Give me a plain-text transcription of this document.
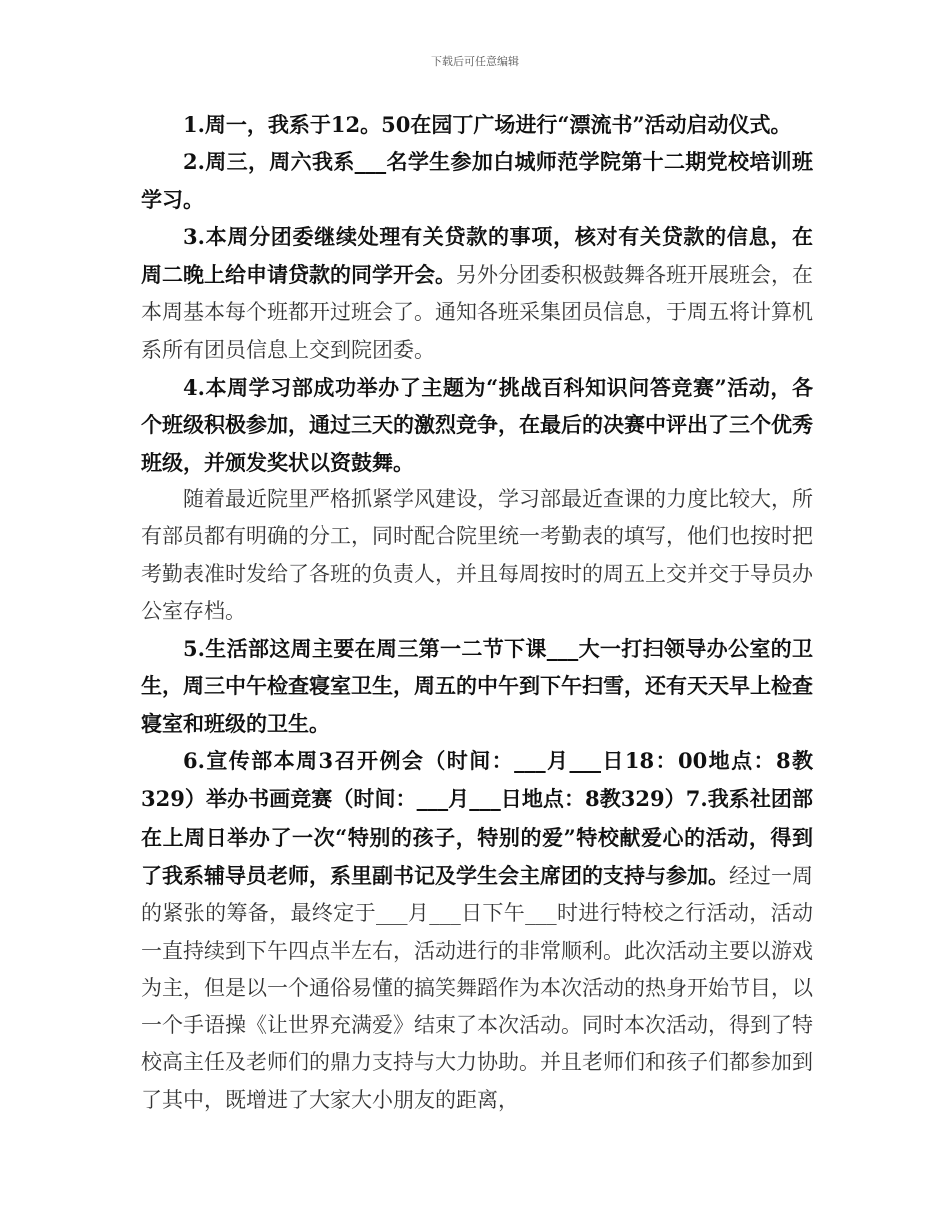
下载后可任意编辑

1.周一，我系于12。50在园丁广场进行“漂流书”活动启动仪式。

2.周三，周六我系___名学生参加白城师范学院第十二期党校培训班学习。

3.本周分团委继续处理有关贷款的事项，核对有关贷款的信息，在周二晚上给申请贷款的同学开会。另外分团委积极鼓舞各班开展班会，在本周基本每个班都开过班会了。通知各班采集团员信息，于周五将计算机系所有团员信息上交到院团委。

4.本周学习部成功举办了主题为“挑战百科知识问答竞赛”活动，各个班级积极参加，通过三天的激烈竞争，在最后的决赛中评出了三个优秀班级，并颁发奖状以资鼓舞。

随着最近院里严格抓紧学风建设，学习部最近查课的力度比较大，所有部员都有明确的分工，同时配合院里统一考勤表的填写，他们也按时把考勤表准时发给了各班的负责人，并且每周按时的周五上交并交于导员办公室存档。

5.生活部这周主要在周三第一二节下课___大一打扫领导办公室的卫生，周三中午检查寝室卫生，周五的中午到下午扫雪，还有天天早上检查寝室和班级的卫生。

6.宣传部本周3召开例会（时间：___月___日18：00地点：8教329）举办书画竞赛（时间：___月___日地点：8教329）7.我系社团部在上周日举办了一次“特别的孩子，特别的爱”特校献爱心的活动，得到了我系辅导员老师，系里副书记及学生会主席团的支持与参加。经过一周的紧张的筹备，最终定于___月___日下午___时进行特校之行活动，活动一直持续到下午四点半左右，活动进行的非常顺利。此次活动主要以游戏为主，但是以一个通俗易懂的搞笑舞蹈作为本次活动的热身开始节目，以一个手语操《让世界充满爱》结束了本次活动。同时本次活动，得到了特校高主任及老师们的鼎力支持与大力协助。并且老师们和孩子们都参加到了其中，既增进了大家大小朋友的距离，
